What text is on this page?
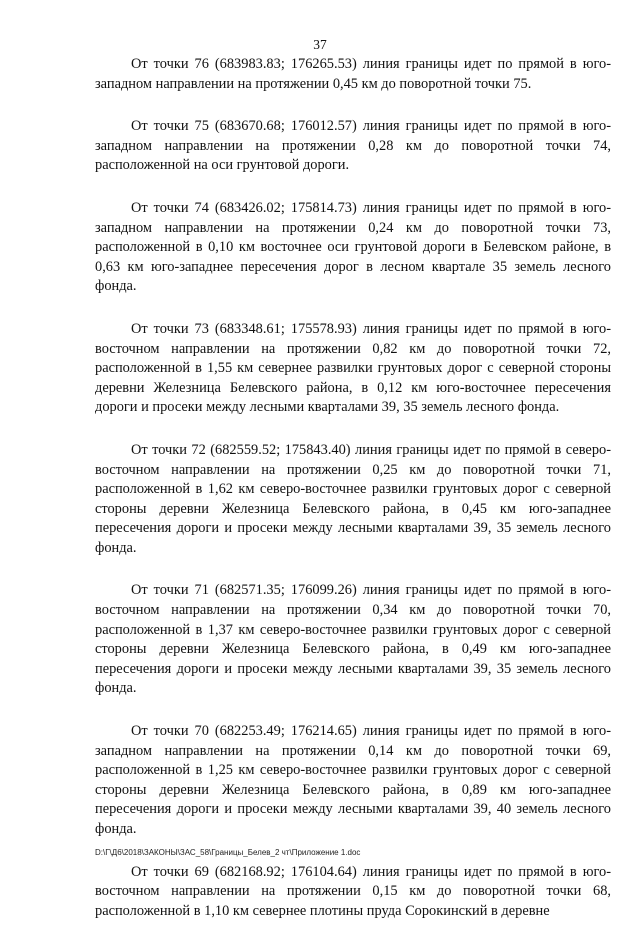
37

От точки 76 (683983.83; 176265.53) линия границы идет по прямой в юго-западном направлении на протяжении 0,45 км до поворотной точки 75.

От точки 75 (683670.68; 176012.57) линия границы идет по прямой в юго-западном направлении на протяжении 0,28 км до поворотной точки 74, расположенной на оси грунтовой дороги.

От точки 74 (683426.02; 175814.73) линия границы идет по прямой в юго-западном направлении на протяжении 0,24 км до поворотной точки 73, расположенной в 0,10 км восточнее оси грунтовой дороги в Белевском районе, в 0,63 км юго-западнее пересечения дорог в лесном квартале 35 земель лесного фонда.

От точки 73 (683348.61; 175578.93) линия границы идет по прямой в юго-восточном направлении на протяжении 0,82 км до поворотной точки 72, расположенной в 1,55 км севернее развилки грунтовых дорог с северной стороны деревни Железница Белевского района, в 0,12 км юго-восточнее пересечения дороги и просеки между лесными кварталами 39, 35 земель лесного фонда.

От точки 72 (682559.52; 175843.40) линия границы идет по прямой в северо-восточном направлении на протяжении 0,25 км до поворотной точки 71, расположенной в 1,62 км северо-восточнее развилки грунтовых дорог с северной стороны деревни Железница Белевского района, в 0,45 км юго-западнее пересечения дороги и просеки между лесными кварталами 39, 35 земель лесного фонда.

От точки 71 (682571.35; 176099.26) линия границы идет по прямой в юго-восточном направлении на протяжении 0,34 км до поворотной точки 70, расположенной в 1,37 км северо-восточнее развилки грунтовых дорог с северной стороны деревни Железница Белевского района, в 0,49 км юго-западнее пересечения дороги и просеки между лесными кварталами 39, 35 земель лесного фонда.

От точки 70 (682253.49; 176214.65) линия границы идет по прямой в юго-западном направлении на протяжении 0,14 км до поворотной точки 69, расположенной в 1,25 км северо-восточнее развилки грунтовых дорог с северной стороны деревни Железница Белевского района, в 0,89 км юго-западнее пересечения дороги и просеки между лесными кварталами 39, 40 земель лесного фонда.

От точки 69 (682168.92; 176104.64) линия границы идет по прямой в юго-восточном направлении на протяжении 0,15 км до поворотной точки 68, расположенной в 1,10 км севернее плотины пруда Сорокинский в деревне

D:\Г\Д6\2018\ЗАКОНЫ\ЗАС_58\Границы_Белев_2 чт\Приложение 1.doc
